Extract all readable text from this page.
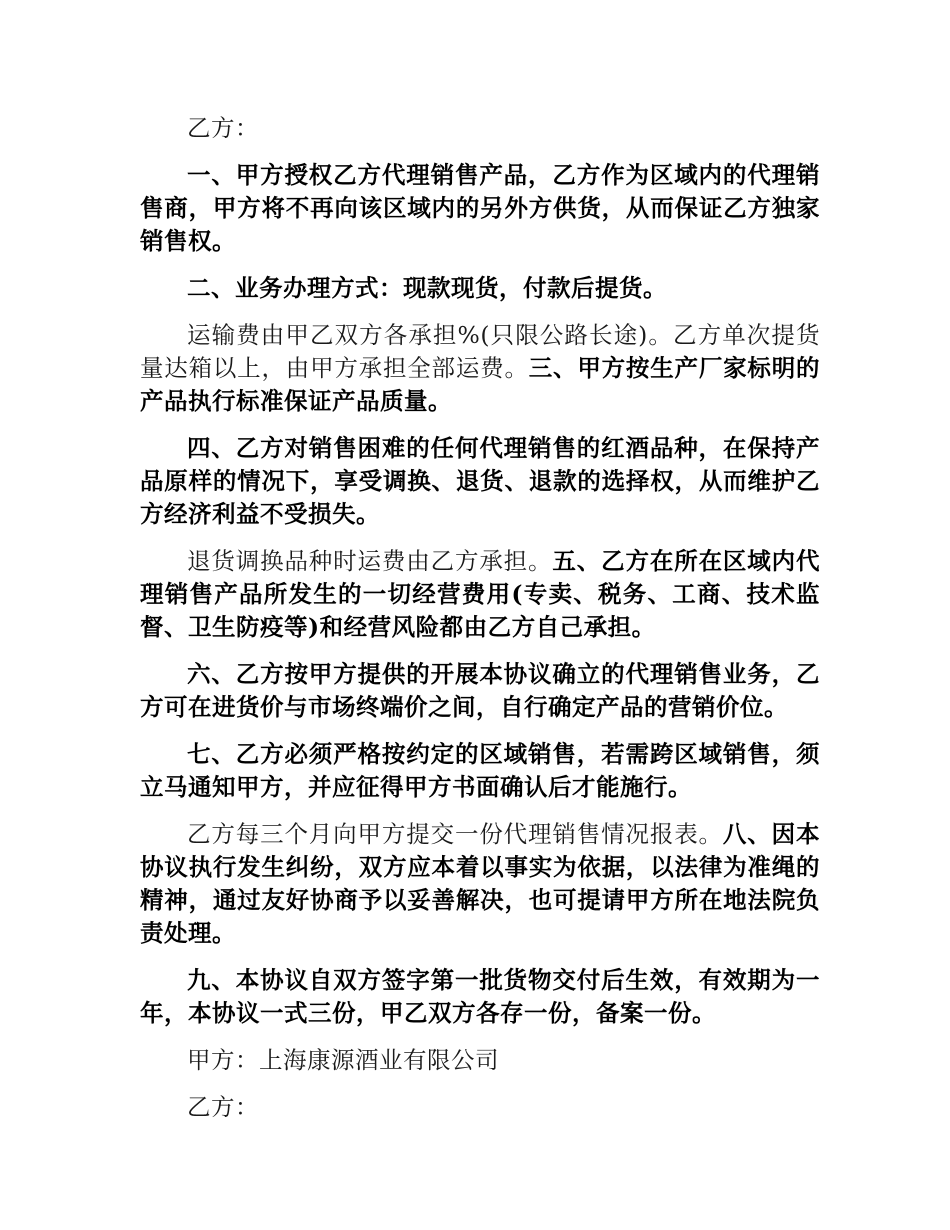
乙方：

一、甲方授权乙方代理销售产品，乙方作为区域内的代理销售商，甲方将不再向该区域内的另外方供货，从而保证乙方独家销售权。

二、业务办理方式：现款现货，付款后提货。

运输费由甲乙双方各承担%(只限公路长途)。乙方单次提货量达箱以上，由甲方承担全部运费。三、甲方按生产厂家标明的产品执行标准保证产品质量。

四、乙方对销售困难的任何代理销售的红酒品种，在保持产品原样的情况下，享受调换、退货、退款的选择权，从而维护乙方经济利益不受损失。

退货调换品种时运费由乙方承担。五、乙方在所在区域内代理销售产品所发生的一切经营费用(专卖、税务、工商、技术监督、卫生防疫等)和经营风险都由乙方自己承担。

六、乙方按甲方提供的开展本协议确立的代理销售业务，乙方可在进货价与市场终端价之间，自行确定产品的营销价位。

七、乙方必须严格按约定的区域销售，若需跨区域销售，须立马通知甲方，并应征得甲方书面确认后才能施行。

乙方每三个月向甲方提交一份代理销售情况报表。八、因本协议执行发生纠纷，双方应本着以事实为依据，以法律为准绳的精神，通过友好协商予以妥善解决，也可提请甲方所在地法院负责处理。

九、本协议自双方签字第一批货物交付后生效，有效期为一年，本协议一式三份，甲乙双方各存一份，备案一份。

甲方：上海康源酒业有限公司

乙方：
